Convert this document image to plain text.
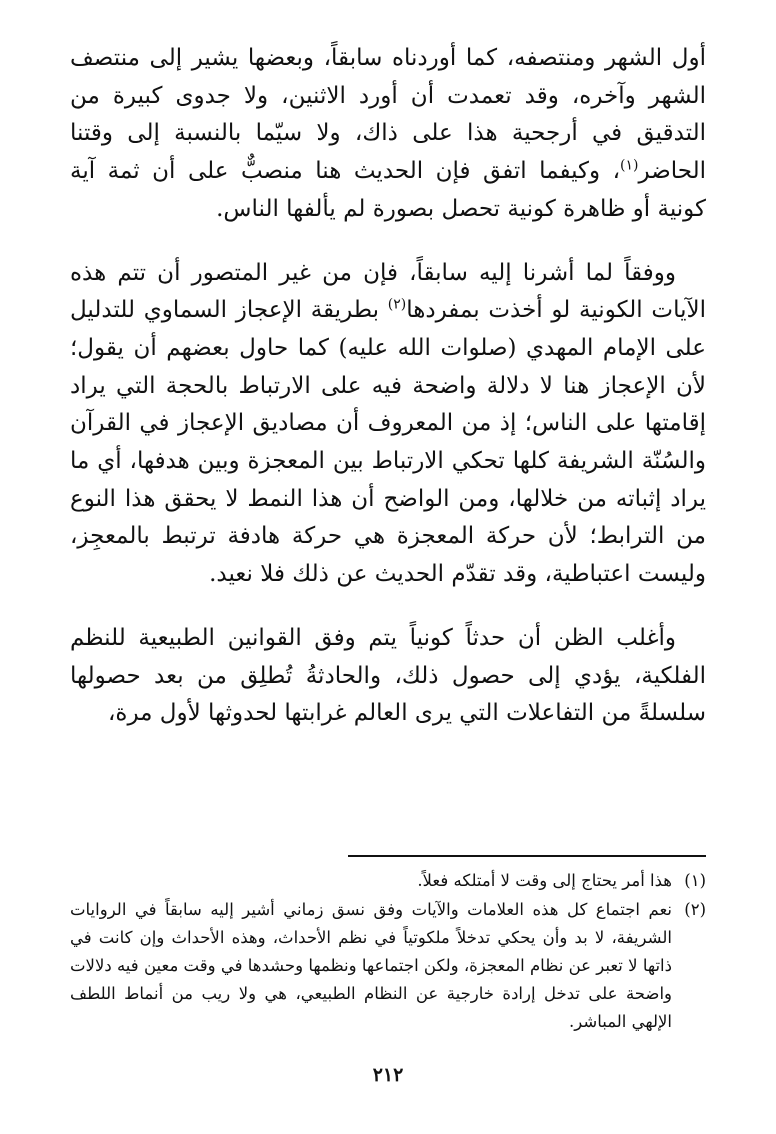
أول الشهر ومنتصفه، كما أوردناه سابقاً، وبعضها يشير إلى منتصف الشهر وآخره، وقد تعمدت أن أورد الاثنين، ولا جدوى كبيرة من التدقيق في أرجحية هذا على ذاك، ولا سيّما بالنسبة إلى وقتنا الحاضر$^{(١)}$، وكيفما اتفق فإن الحديث هنا منصبٌّ على أن ثمة آية كونية أو ظاهرة كونية تحصل بصورة لم يألفها الناس.

ووفقاً لما أشرنا إليه سابقاً، فإن من غير المتصور أن تتم هذه الآيات الكونية لو أخذت بمفردها$^{(٢)}$ بطريقة الإعجاز السماوي للتدليل على الإمام المهدي (صلوات الله عليه) كما حاول بعضهم أن يقول؛ لأن الإعجاز هنا لا دلالة واضحة فيه على الارتباط بالحجة التي يراد إقامتها على الناس؛ إذ من المعروف أن مصاديق الإعجاز في القرآن والسُنّة الشريفة كلها تحكي الارتباط بين المعجزة وبين هدفها، أي ما يراد إثباته من خلالها، ومن الواضح أن هذا النمط لا يحقق هذا النوع من الترابط؛ لأن حركة المعجزة هي حركة هادفة ترتبط بالمعجِز، وليست اعتباطية، وقد تقدّم الحديث عن ذلك فلا نعيد.

وأغلب الظن أن حدثاً كونياً يتم وفق القوانين الطبيعية للنظم الفلكية، يؤدي إلى حصول ذلك، والحادثةُ تُطلِق من بعد حصولها سلسلةً من التفاعلات التي يرى العالم غرابتها لحدوثها لأول مرة،

(١)
هذا أمر يحتاج إلى وقت لا أمتلكه فعلاً.
(٢)
نعم اجتماع كل هذه العلامات والآيات وفق نسق زماني أشير إليه سابقاً في الروايات الشريفة، لا بد وأن يحكي تدخلاً ملكوتياً في نظم الأحداث، وهذه الأحداث وإن كانت في ذاتها لا تعبر عن نظام المعجزة، ولكن اجتماعها ونظمها وحشدها في وقت معين فيه دلالات واضحة على تدخل إرادة خارجية عن النظام الطبيعي، هي ولا ريب من أنماط اللطف الإلهي المباشر.
٢١٢
